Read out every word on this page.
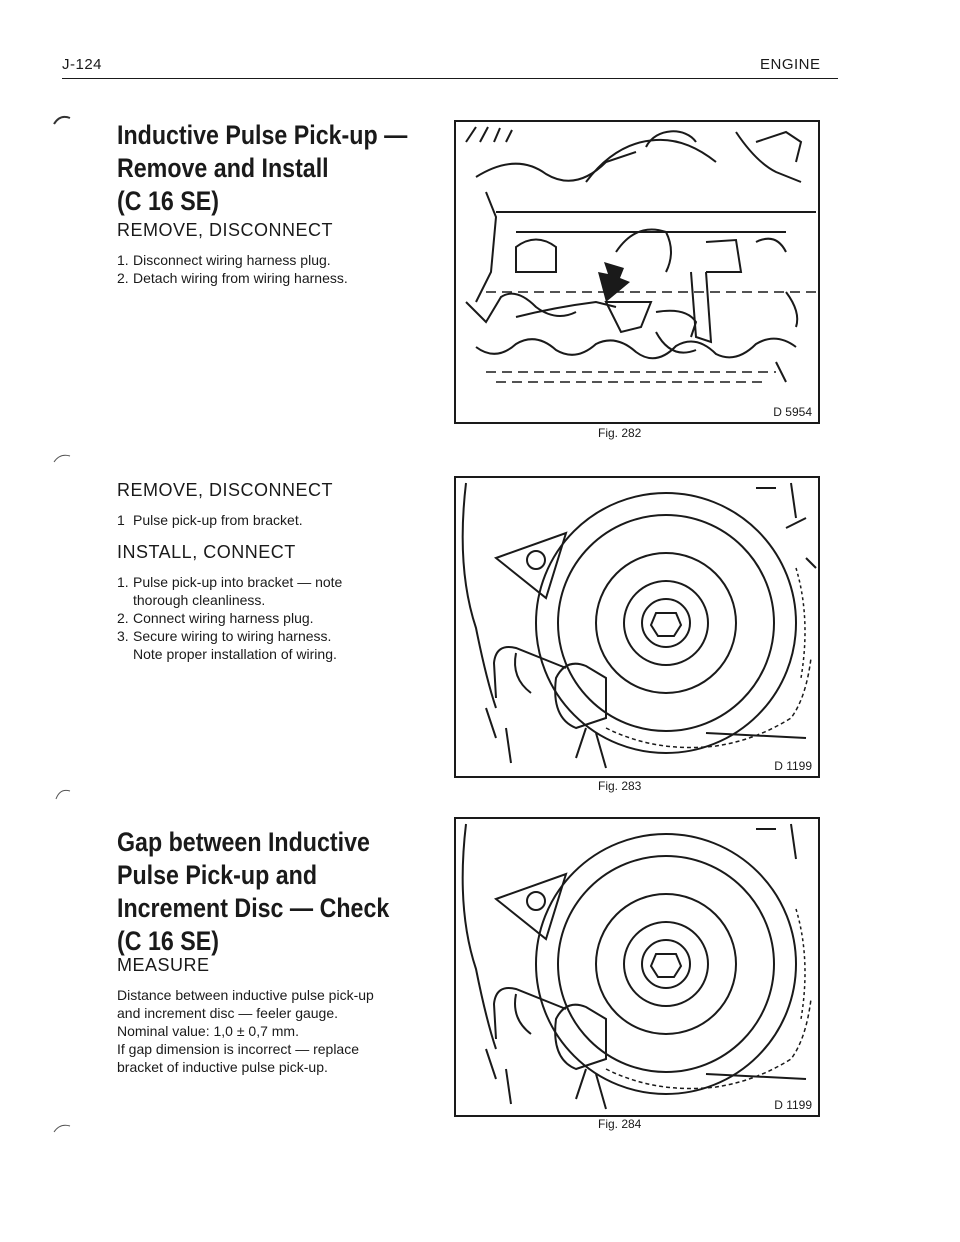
J-124	ENGINE
Inductive Pulse Pick-up —
Remove and Install
(C 16 SE)
REMOVE, DISCONNECT
1. Disconnect wiring harness plug.
2. Detach wiring from wiring harness.
REMOVE, DISCONNECT
1 Pulse pick-up from bracket.
INSTALL, CONNECT
1. Pulse pick-up into bracket — note
thorough cleanliness.
2. Connect wiring harness plug.
3. Secure wiring to wiring harness.
Note proper installation of wiring.
Gap between Inductive
Pulse Pick-up and
Increment Disc — Check
(C 16 SE)
MEASURE

Distance between inductive pulse pick-up

and increment disc — feeler gauge.

Nominal value: 1,0 ± 0,7 mm.

If gap dimension is incorrect — replace

bracket of inductive pulse pick-up.

D 5954
Fig. 282
D 1199
Fig. 283
D 1199
Fig. 284
